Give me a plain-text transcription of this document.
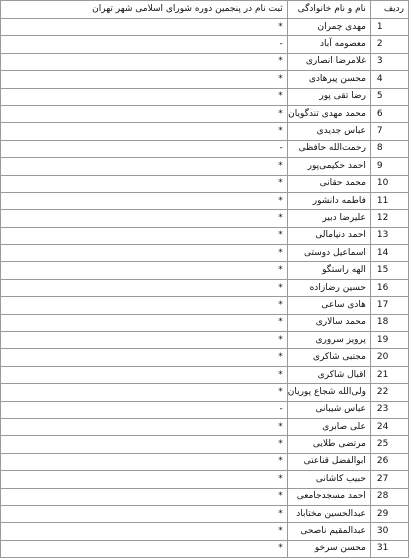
ردیف	نام و نام خانوادگی	ثبت نام در پنجمین دوره شورای اسلامی شهر تهران
1	مهدی چمران	*
2	معصومه آباد	-
3	غلامرضا انصاری	*
4	محسن پیرهادی	*
5	رضا تقی پور	*
6	محمد مهدی تندگویان	*
7	عباس جدیدی	*
8	رحمت‌الله حافظی	-
9	احمد حکیمی‌پور	*
10	محمد حقانی	*
11	فاطمه دانشور	*
12	علیرضا دبیر	*
13	احمد دنیامالی	*
14	اسماعیل دوستی	*
15	الهه راستگو	*
16	حسین رضازاده	*
17	هادی ساعی	*
18	محمد سالاری	*
19	پرویز سروری	*
20	مجتبی شاکری	*
21	اقبال شاکری	*
22	ولی‌الله شجاع پوریان	*
23	عباس شیبانی	-
24	علی صابری	*
25	مرتضی طلایی	*
26	ابوالفضل قناعتی	*
27	حبیب کاشانی	*
28	احمد مسجدجامعی	*
29	عبدالحسین مختاباد	*
30	عبدالمقیم ناصحی	*
31	محسن سرخو	*
